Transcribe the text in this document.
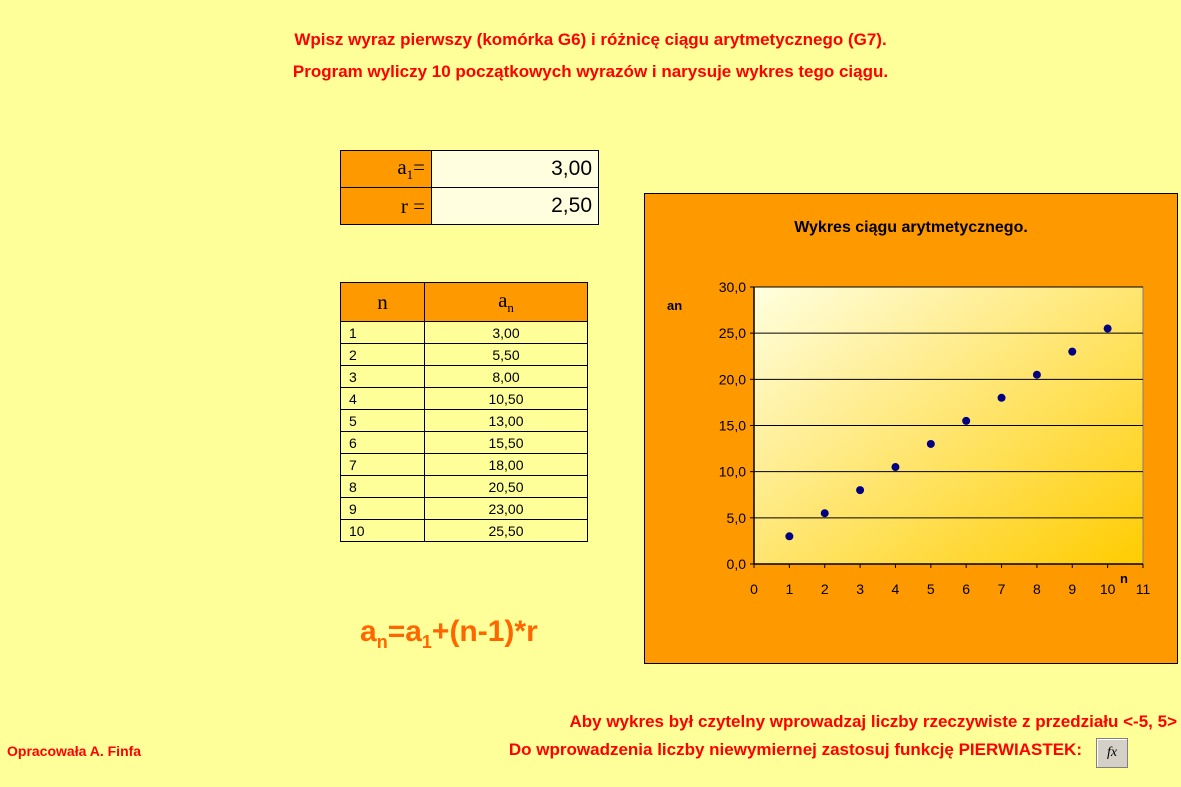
Wpisz wyraz pierwszy (komórka G6) i różnicę ciągu arytmetycznego (G7).
Program wyliczy 10 początkowych wyrazów i narysuje wykres tego ciągu.
$a_1=$	3,00
r =	2,50
n	$a_n$
1	3,00
2	5,50
3	8,00
4	10,50
5	13,00
6	15,50
7	18,00
8	20,50
9	23,00
10	25,50
$a_n=a_1+(n-1)*r$
Wykres ciągu arytmetycznego.
0,0
5,0
10,0
15,0
20,0
25,0
30,0
0 1 2 3 4 5 6 7 8 9 10 11
an
n
Opracowała A. Finfa
Aby wykres był czytelny wprowadzaj liczby rzeczywiste z przedziału <-5, 5>
Do wprowadzenia liczby niewymiernej zastosuj funkcję PIERWIASTEK:	fx
